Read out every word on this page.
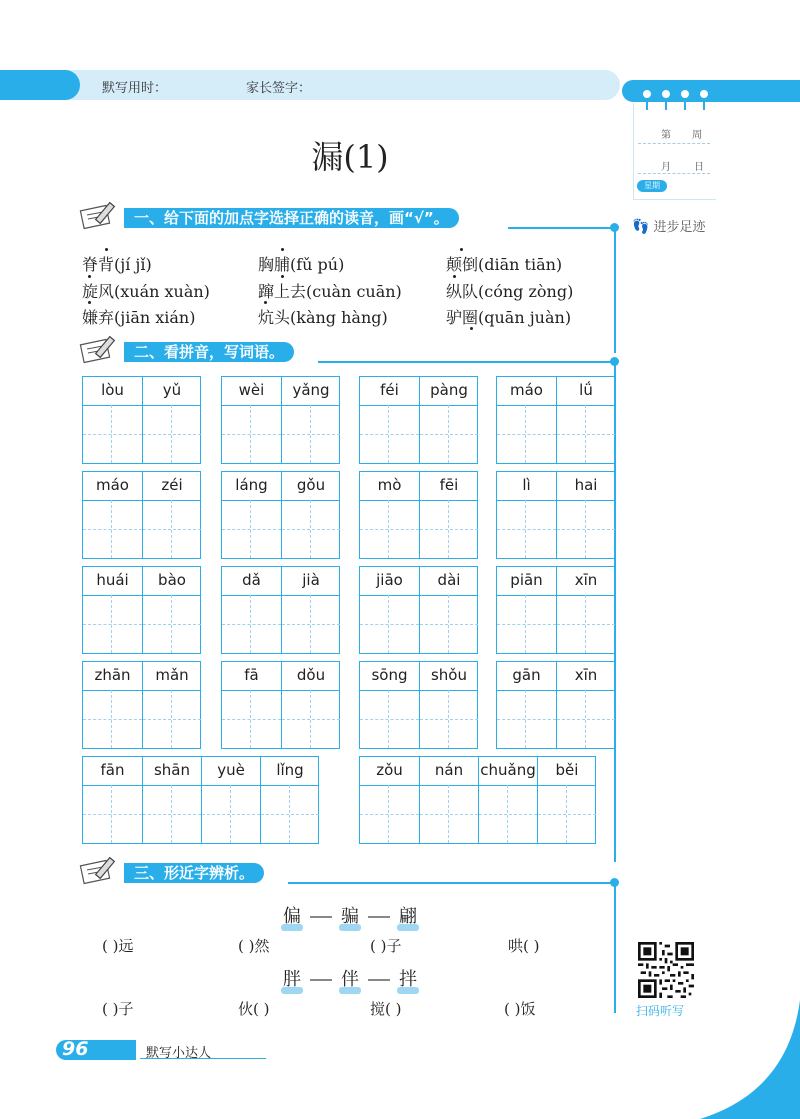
默写用时：	家长签字：
第 周
月 日
星期
👣 进步足迹
漏(1)
一、给下面的加点字选择正确的读音，画“√”。
脊背(jí jǐ)	胸脯(fǔ pú)	颠倒(diān tiān)
旋风(xuán xuàn)	蹿上去(cuàn cuān)	纵队(cóng zòng)
嫌弃(jiān xián)	炕头(kàng hàng)	驴圈(quān juàn)
二、看拼音，写词语。
lòu	yǔ	wèi	yǎng	féi	pàng	máo	lǘ
máo	zéi	láng	gǒu	mò	fēi	lì	hai
huái	bào	dǎ	jià	jiāo	dài	piān	xīn
zhān	mǎn	fā	dǒu	sōng	shǒu	gān	xīn
fān	shān	yuè	lǐng	zǒu	nán	chuǎng	běi
三、形近字辨析。
偏 骗 翩
( )远	( )然	( )子	哄( )
胖 伴 拌
( )子	伙( )	搅( )	( )饭	扫码听写
96	默写小达人
